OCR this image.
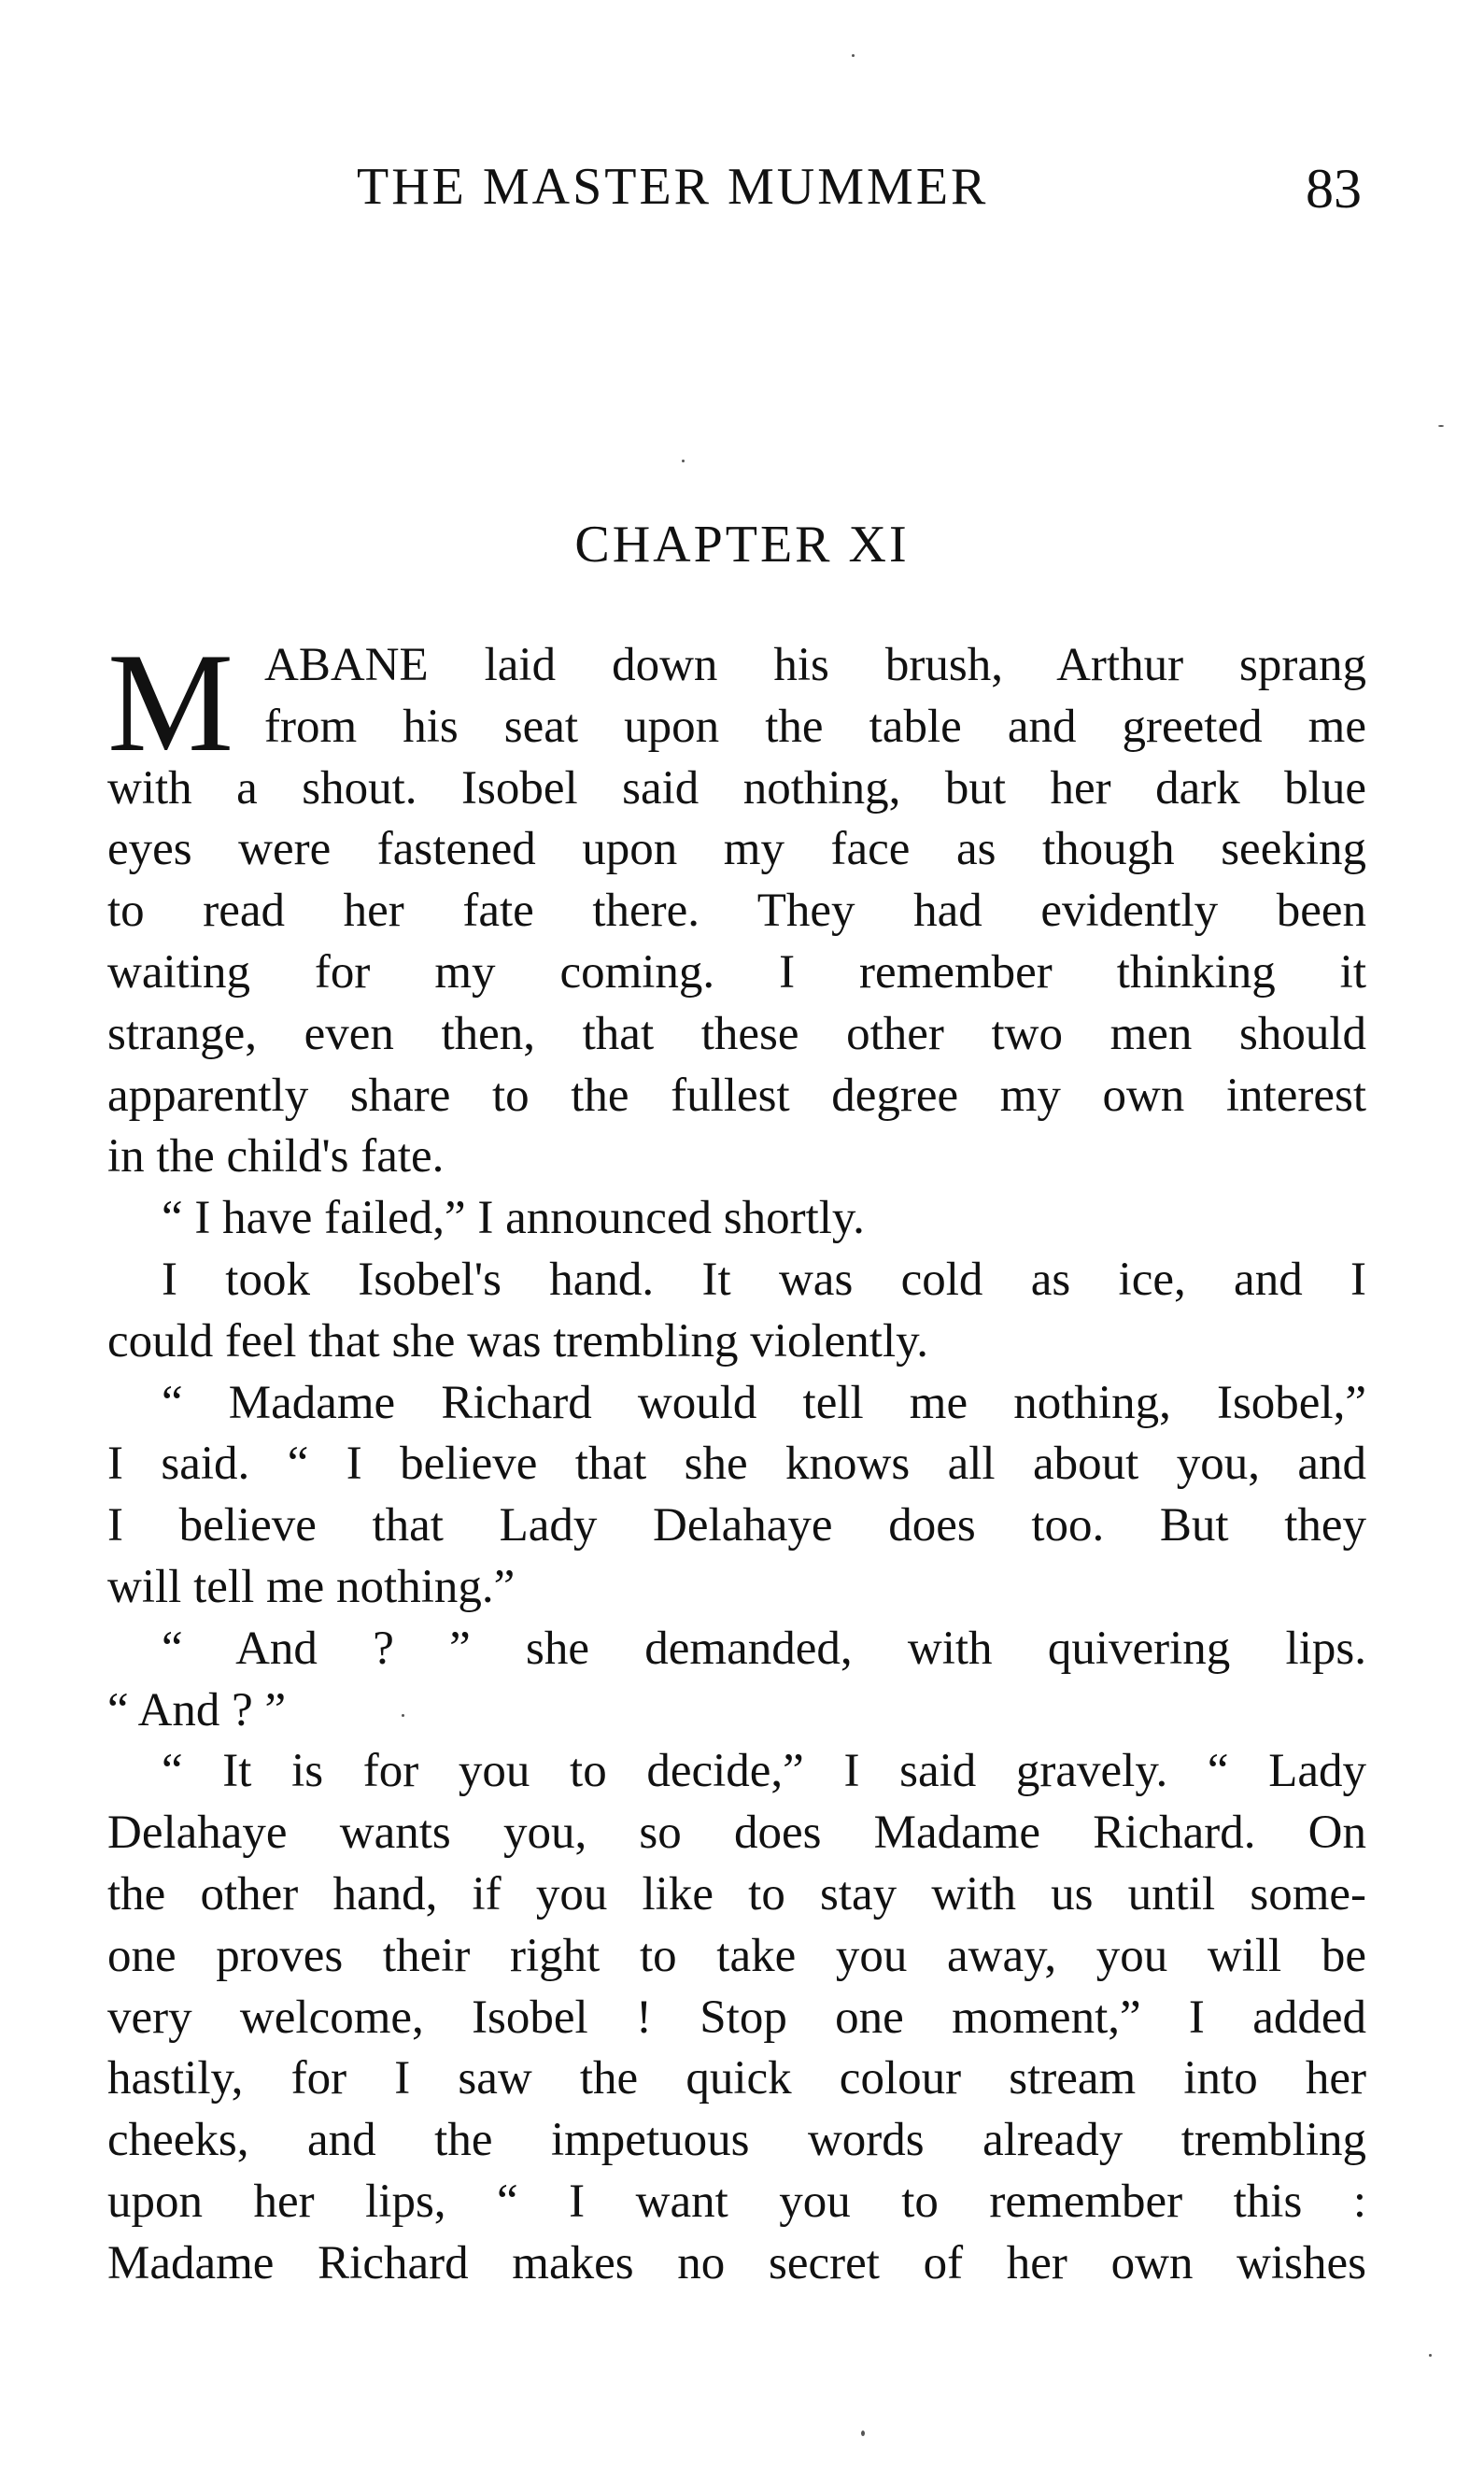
THE MASTER MUMMER	83
CHAPTER XI
M ABANE laid down his brush, Arthur sprang
from his seat upon the table and greeted me
with a shout. Isobel said nothing, but her dark blue
eyes were fastened upon my face as though seeking
to read her fate there. They had evidently been
waiting for my coming. I remember thinking it
strange, even then, that these other two men should
apparently share to the fullest degree my own interest
in the child's fate.
“ I have failed,” I announced shortly.
I took Isobel's hand. It was cold as ice, and I
could feel that she was trembling violently.
“ Madame Richard would tell me nothing, Isobel,”
I said. “ I believe that she knows all about you, and
I believe that Lady Delahaye does too. But they
will tell me nothing.”
“ And ? ” she demanded, with quivering lips.
“ And ? ”
“ It is for you to decide,” I said gravely. “ Lady
Delahaye wants you, so does Madame Richard. On
the other hand, if you like to stay with us until some-
one proves their right to take you away, you will be
very welcome, Isobel ! Stop one moment,” I added
hastily, for I saw the quick colour stream into her
cheeks, and the impetuous words already trembling
upon her lips, “ I want you to remember this :
Madame Richard makes no secret of her own wishes
